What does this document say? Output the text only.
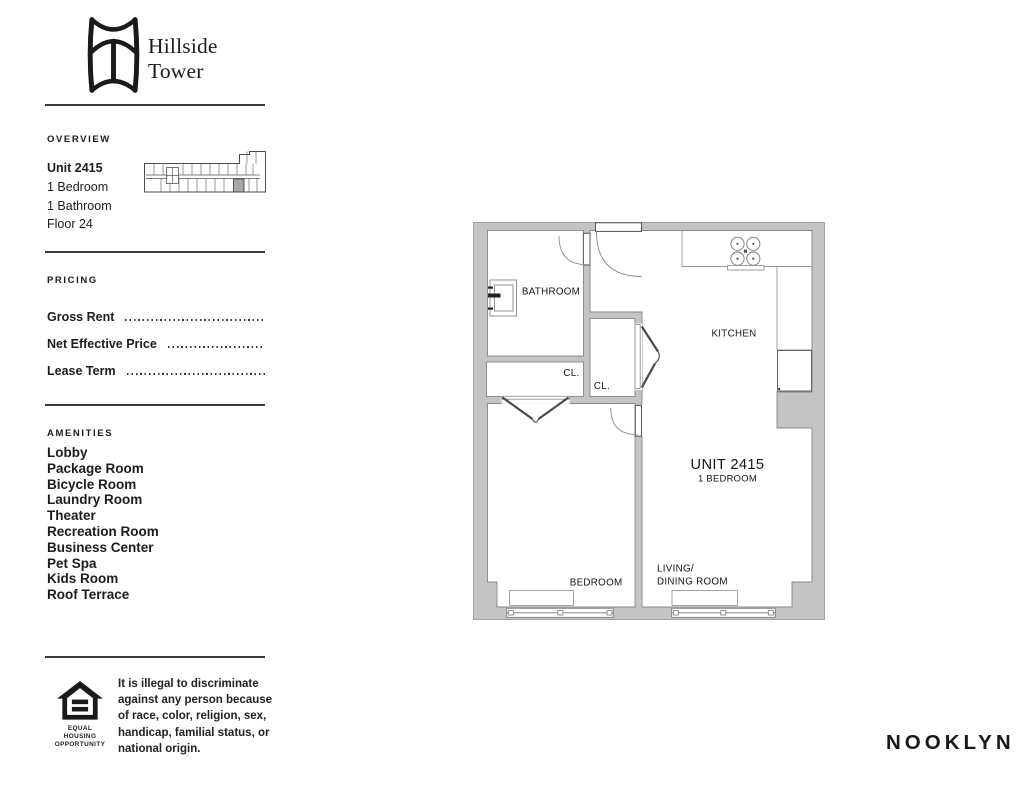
Hillside
Tower
OVERVIEW
Unit 2415
1 Bedroom
1 Bathroom
Floor 24
PRICING
Gross Rent
Net Effective Price
Lease Term
AMENITIES
Lobby
Package Room
Bicycle Room
Laundry Room
Theater
Recreation Room
Business Center
Pet Spa
Kids Room
Roof Terrace
EQUAL HOUSING
OPPORTUNITY
It is illegal to discriminate
against any person because
of race, color, religion, sex,
handicap, familial status, or
national origin.
BATHROOM
KITCHEN
CL.
CL.
BEDROOM
LIVING/
DINING ROOM
UNIT 2415
1 BEDROOM
NOOKLYN
